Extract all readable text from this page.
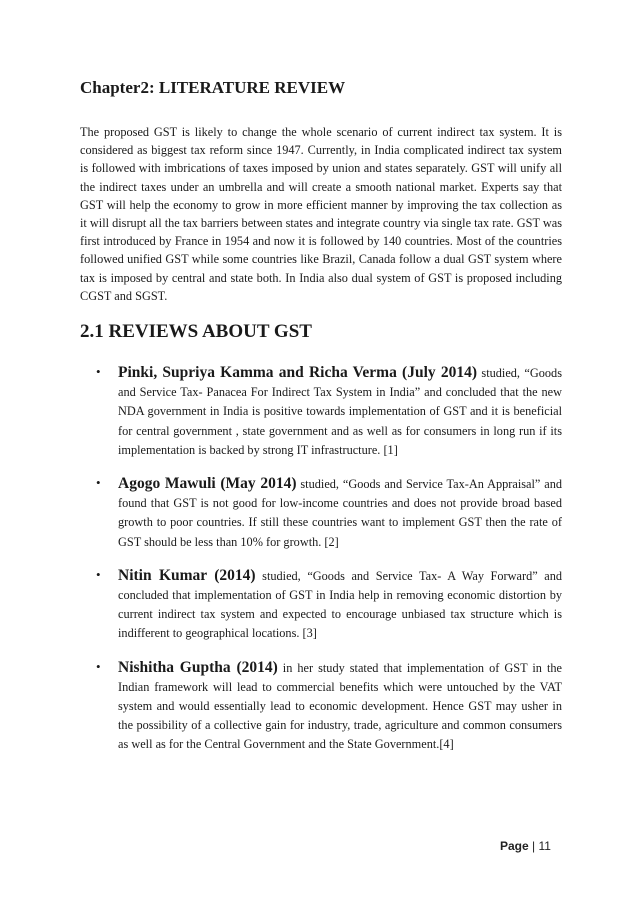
Chapter2: LITERATURE REVIEW

The proposed GST is likely to change the whole scenario of current indirect tax system. It is considered as biggest tax reform since 1947. Currently, in India complicated indirect tax system is followed with imbrications of taxes imposed by union and states separately. GST will unify all the indirect taxes under an umbrella and will create a smooth national market. Experts say that GST will help the economy to grow in more efficient manner by improving the tax collection as it will disrupt all the tax barriers between states and integrate country via single tax rate. GST was first introduced by France in 1954 and now it is followed by 140 countries. Most of the countries followed unified GST while some countries like Brazil, Canada follow a dual GST system where tax is imposed by central and state both. In India also dual system of GST is proposed including CGST and SGST.

2.1 REVIEWS ABOUT GST
• Pinki, Supriya Kamma and Richa Verma (July 2014) studied, “Goods and Service Tax- Panacea For Indirect Tax System in India” and concluded that the new NDA government in India is positive towards implementation of GST and it is beneficial for central government , state government and as well as for consumers in long run if its implementation is backed by strong IT infrastructure. [1]

• Agogo Mawuli (May 2014) studied, “Goods and Service Tax-An Appraisal” and found that GST is not good for low-income countries and does not provide broad based growth to poor countries. If still these countries want to implement GST then the rate of GST should be less than 10% for growth. [2]

• Nitin Kumar (2014) studied, “Goods and Service Tax- A Way Forward” and concluded that implementation of GST in India help in removing economic distortion by current indirect tax system and expected to encourage unbiased tax structure which is indifferent to geographical locations. [3]

• Nishitha Guptha (2014) in her study stated that implementation of GST in the Indian framework will lead to commercial benefits which were untouched by the VAT system and would essentially lead to economic development. Hence GST may usher in the possibility of a collective gain for industry, trade, agriculture and common consumers as well as for the Central Government and the State Government.[4]

Page | 11
